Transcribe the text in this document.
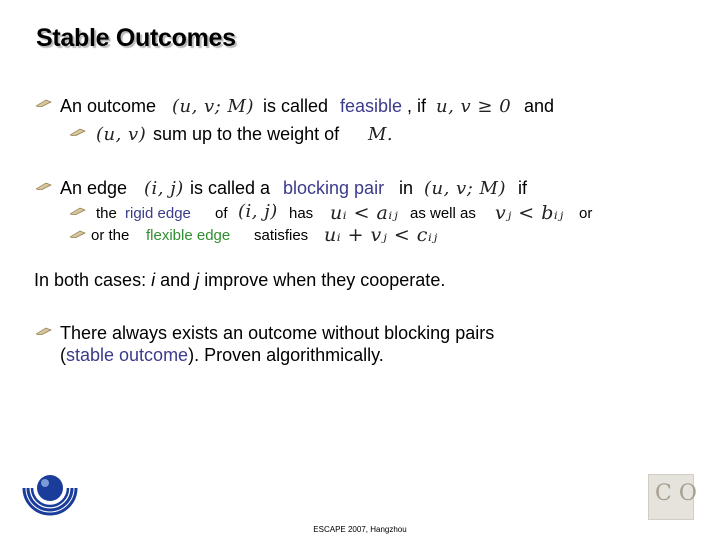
Stable Outcomes
An outcome (u, v; M) is called feasible , if u, v ≥ 0 and
(u, v) sum up to the weight of M.
An edge (i, j) is called a blocking pair in (u, v; M) if
the rigid edge of (i, j) has uᵢ < aᵢⱼ as well as vⱼ < bᵢⱼ or
or the flexible edge satisfies uᵢ + vⱼ < cᵢⱼ
In both cases: i and j improve when they cooperate.
There always exists an outcome without blocking pairs
(stable outcome). Proven algorithmically.
C O
ESCAPE 2007, Hangzhou
